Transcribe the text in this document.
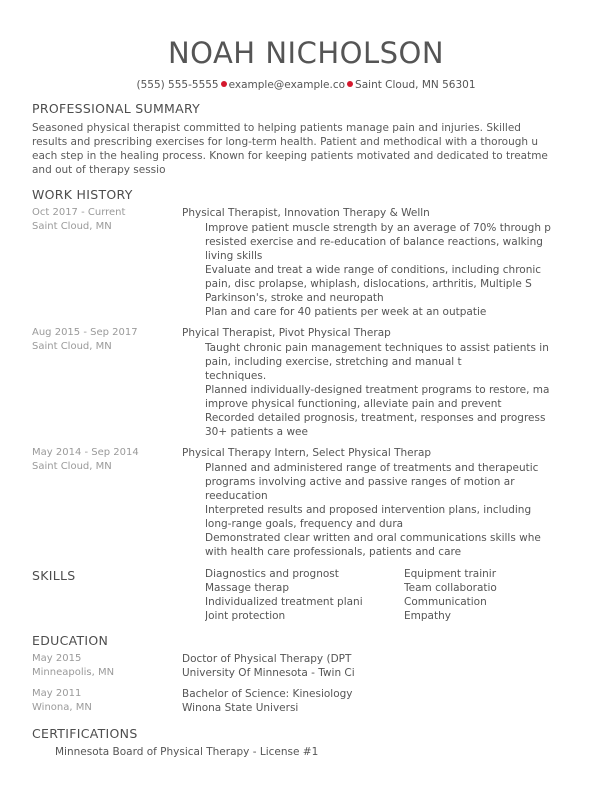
NOAH NICHOLSON
(555) 555-5555 example@example.co Saint Cloud, MN 56301
PROFESSIONAL SUMMARY

Seasoned physical therapist committed to helping patients manage pain and injuries. Skilled

results and prescribing exercises for long-term health. Patient and methodical with a thorough u

each step in the healing process. Known for keeping patients motivated and dedicated to treatme

and out of therapy sessio

WORK HISTORY
Oct 2017 - Current
Saint Cloud, MN
Physical Therapist, Innovation Therapy & Welln
Improve patient muscle strength by an average of 70% through p
resisted exercise and re-education of balance reactions, walking
living skills
Evaluate and treat a wide range of conditions, including chronic
pain, disc prolapse, whiplash, dislocations, arthritis, Multiple S
Parkinson's, stroke and neuropath
Plan and care for 40 patients per week at an outpatie
Aug 2015 - Sep 2017
Saint Cloud, MN
Phyical Therapist, Pivot Physical Therap
Taught chronic pain management techniques to assist patients in
pain, including exercise, stretching and manual t
techniques.
Planned individually-designed treatment programs to restore, ma
improve physical functioning, alleviate pain and prevent
Recorded detailed prognosis, treatment, responses and progress
30+ patients a wee
May 2014 - Sep 2014
Saint Cloud, MN
Physical Therapy Intern, Select Physical Therap
Planned and administered range of treatments and therapeutic
programs involving active and passive ranges of motion ar
reeducation
Interpreted results and proposed intervention plans, including
long-range goals, frequency and dura
Demonstrated clear written and oral communications skills whe
with health care professionals, patients and care
SKILLS	Diagnostics and prognost
Massage therap
Individualized treatment plani
Joint protection
Equipment trainir
Team collaboratio
Communication
Empathy
EDUCATION
May 2015
Minneapolis, MN
Doctor of Physical Therapy (DPT
University Of Minnesota - Twin Ci
May 2011
Winona, MN
Bachelor of Science: Kinesiology
Winona State Universi
CERTIFICATIONS
Minnesota Board of Physical Therapy - License #1
